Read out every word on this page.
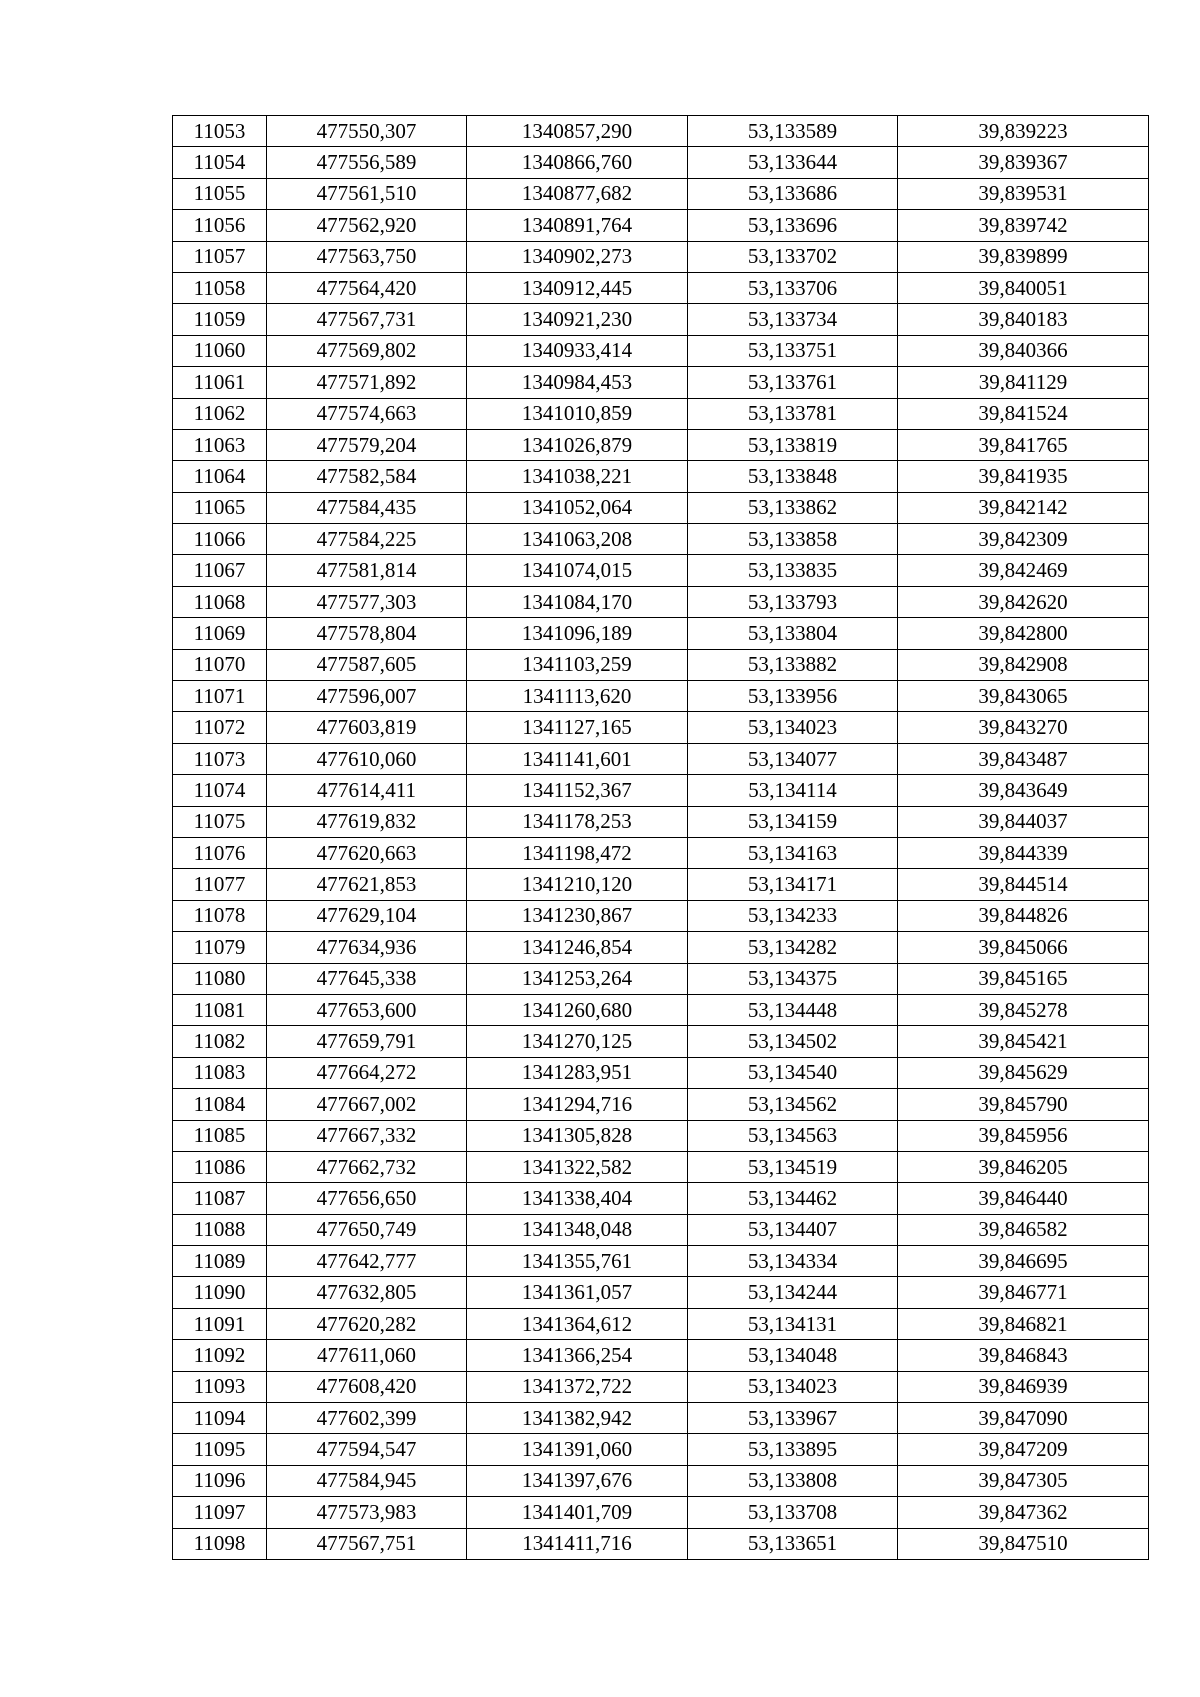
11053	477550,307	1340857,290	53,133589	39,839223
11054	477556,589	1340866,760	53,133644	39,839367
11055	477561,510	1340877,682	53,133686	39,839531
11056	477562,920	1340891,764	53,133696	39,839742
11057	477563,750	1340902,273	53,133702	39,839899
11058	477564,420	1340912,445	53,133706	39,840051
11059	477567,731	1340921,230	53,133734	39,840183
11060	477569,802	1340933,414	53,133751	39,840366
11061	477571,892	1340984,453	53,133761	39,841129
11062	477574,663	1341010,859	53,133781	39,841524
11063	477579,204	1341026,879	53,133819	39,841765
11064	477582,584	1341038,221	53,133848	39,841935
11065	477584,435	1341052,064	53,133862	39,842142
11066	477584,225	1341063,208	53,133858	39,842309
11067	477581,814	1341074,015	53,133835	39,842469
11068	477577,303	1341084,170	53,133793	39,842620
11069	477578,804	1341096,189	53,133804	39,842800
11070	477587,605	1341103,259	53,133882	39,842908
11071	477596,007	1341113,620	53,133956	39,843065
11072	477603,819	1341127,165	53,134023	39,843270
11073	477610,060	1341141,601	53,134077	39,843487
11074	477614,411	1341152,367	53,134114	39,843649
11075	477619,832	1341178,253	53,134159	39,844037
11076	477620,663	1341198,472	53,134163	39,844339
11077	477621,853	1341210,120	53,134171	39,844514
11078	477629,104	1341230,867	53,134233	39,844826
11079	477634,936	1341246,854	53,134282	39,845066
11080	477645,338	1341253,264	53,134375	39,845165
11081	477653,600	1341260,680	53,134448	39,845278
11082	477659,791	1341270,125	53,134502	39,845421
11083	477664,272	1341283,951	53,134540	39,845629
11084	477667,002	1341294,716	53,134562	39,845790
11085	477667,332	1341305,828	53,134563	39,845956
11086	477662,732	1341322,582	53,134519	39,846205
11087	477656,650	1341338,404	53,134462	39,846440
11088	477650,749	1341348,048	53,134407	39,846582
11089	477642,777	1341355,761	53,134334	39,846695
11090	477632,805	1341361,057	53,134244	39,846771
11091	477620,282	1341364,612	53,134131	39,846821
11092	477611,060	1341366,254	53,134048	39,846843
11093	477608,420	1341372,722	53,134023	39,846939
11094	477602,399	1341382,942	53,133967	39,847090
11095	477594,547	1341391,060	53,133895	39,847209
11096	477584,945	1341397,676	53,133808	39,847305
11097	477573,983	1341401,709	53,133708	39,847362
11098	477567,751	1341411,716	53,133651	39,847510
